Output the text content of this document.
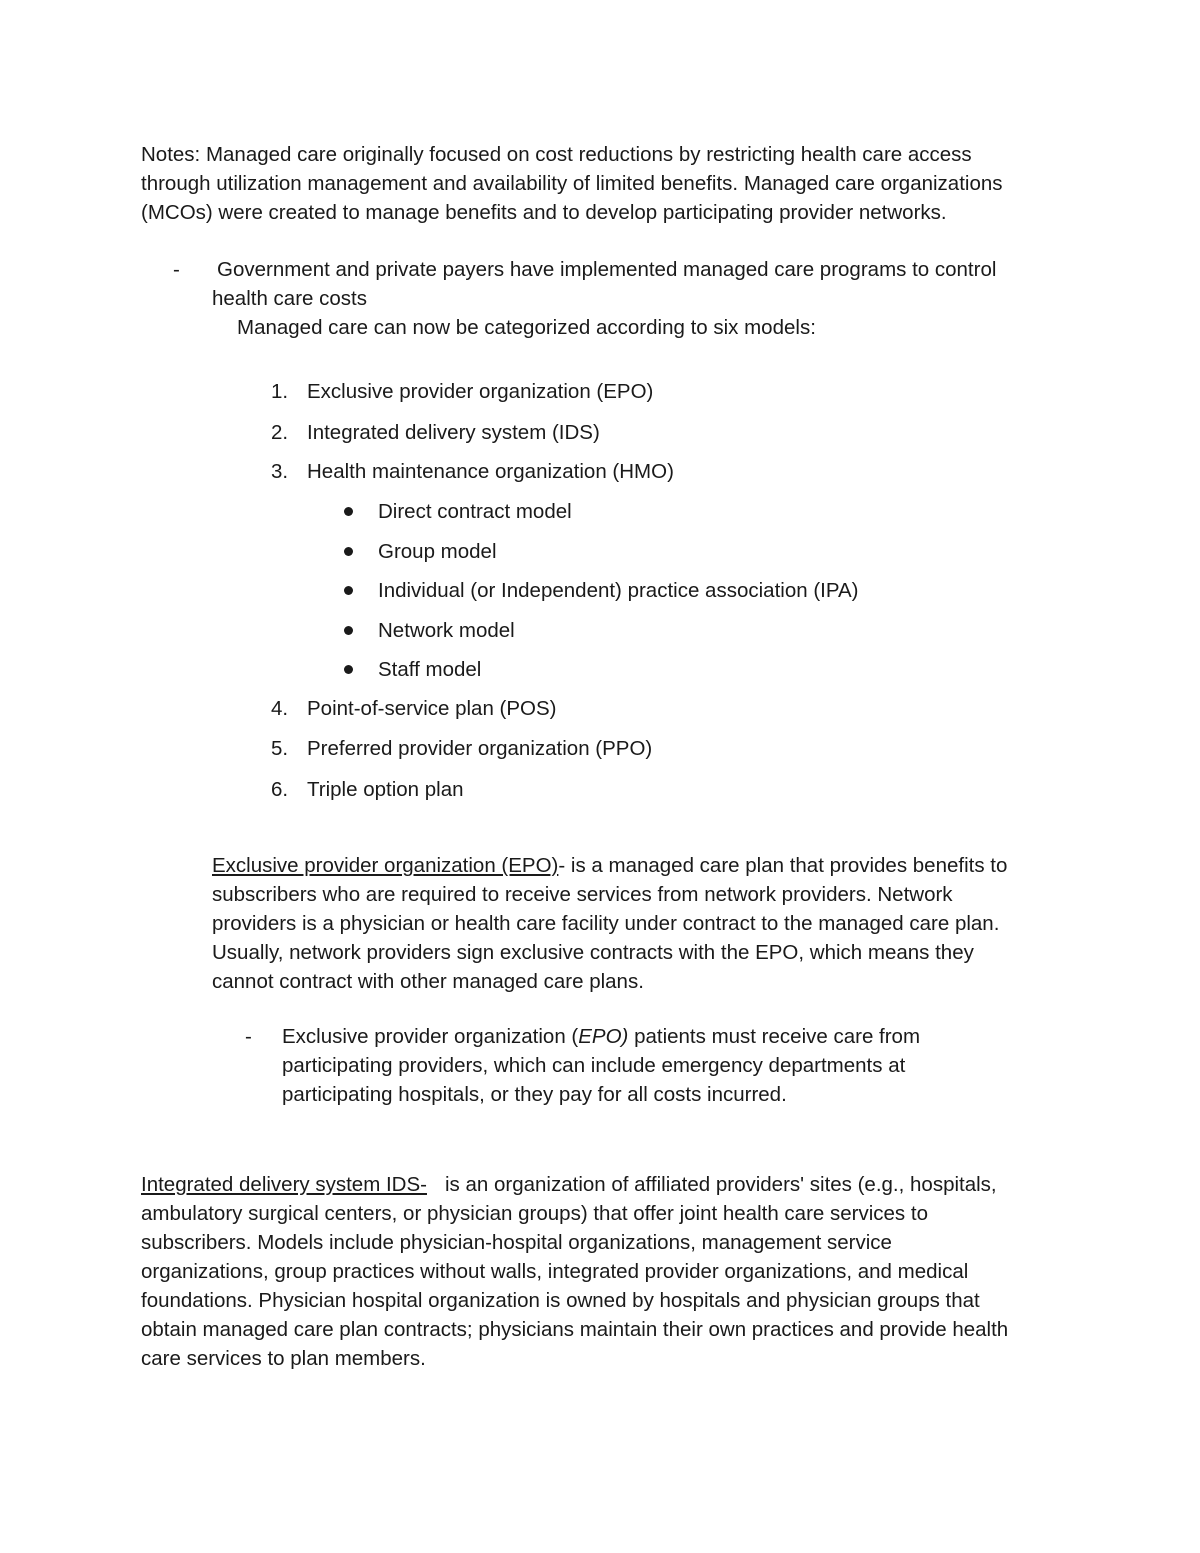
Notes: Managed care originally focused on cost reductions by restricting health care access
through utilization management and availability of limited benefits. Managed care organizations
(MCOs) were created to manage benefits and to develop participating provider networks.
- Government and private payers have implemented managed care programs to control
health care costs
Managed care can now be categorized according to six models:
1. Exclusive provider organization (EPO)
2. Integrated delivery system (IDS)
3. Health maintenance organization (HMO)
Direct contract model
Group model
Individual (or Independent) practice association (IPA)
Network model
Staff model
4. Point-of-service plan (POS)
5. Preferred provider organization (PPO)
6. Triple option plan
Exclusive provider organization (EPO)- is a managed care plan that provides benefits to
subscribers who are required to receive services from network providers. Network
providers is a physician or health care facility under contract to the managed care plan.
Usually, network providers sign exclusive contracts with the EPO, which means they
cannot contract with other managed care plans.
- Exclusive provider organization (EPO) patients must receive care from
participating providers, which can include emergency departments at
participating hospitals, or they pay for all costs incurred.
Integrated delivery system IDS- is an organization of affiliated providers' sites (e.g., hospitals,
ambulatory surgical centers, or physician groups) that offer joint health care services to
subscribers. Models include physician-hospital organizations, management service
organizations, group practices without walls, integrated provider organizations, and medical
foundations. Physician hospital organization is owned by hospitals and physician groups that
obtain managed care plan contracts; physicians maintain their own practices and provide health
care services to plan members.
